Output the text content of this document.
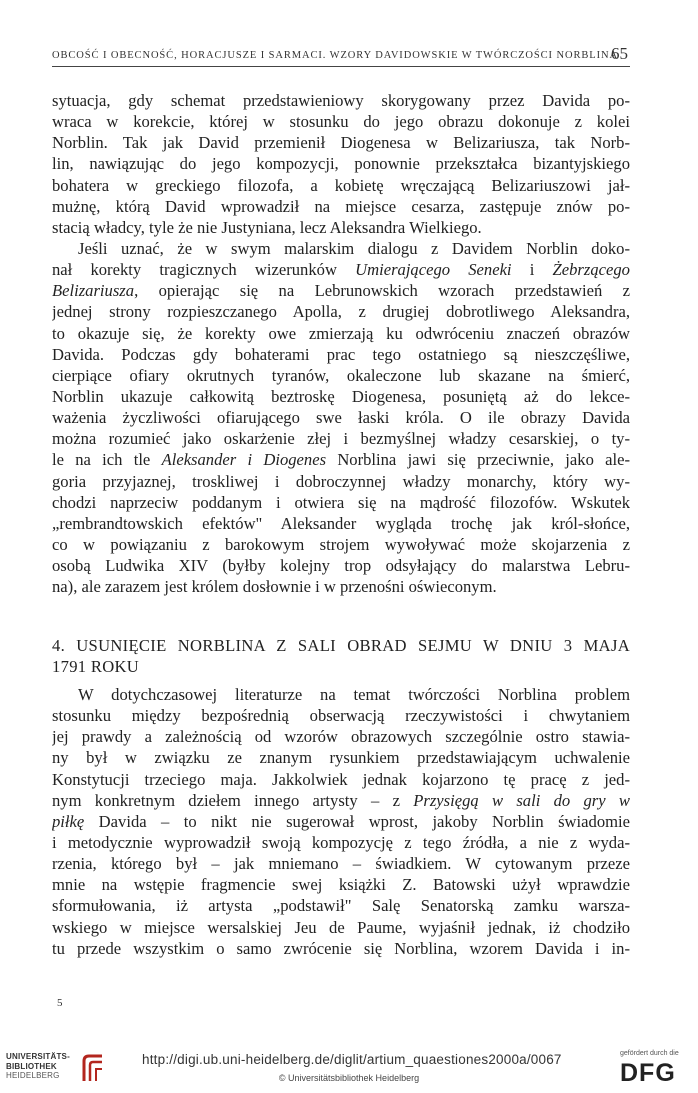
OBCOŚĆ I OBECNOŚĆ, HORACJUSZE I SARMACI. WZORY DAVIDOWSKIE W TWÓRCZOŚCI NORBLINA
65
sytuacja, gdy schemat przedstawieniowy skorygowany przez Davida po-
wraca w korekcie, której w stosunku do jego obrazu dokonuje z kolei
Norblin. Tak jak David przemienił Diogenesa w Belizariusza, tak Norb-
lin, nawiązując do jego kompozycji, ponownie przekształca bizantyjskiego
bohatera w greckiego filozofa, a kobietę wręczającą Belizariuszowi jał-
mużnę, którą David wprowadził na miejsce cesarza, zastępuje znów po-
stacią władcy, tyle że nie Justyniana, lecz Aleksandra Wielkiego.
Jeśli uznać, że w swym malarskim dialogu z Davidem Norblin doko-
nał korekty tragicznych wizerunków Umierającego Seneki i Żebrzącego
Belizariusza, opierając się na Lebrunowskich wzorach przedstawień z
jednej strony rozpieszczanego Apolla, z drugiej dobrotliwego Aleksandra,
to okazuje się, że korekty owe zmierzają ku odwróceniu znaczeń obrazów
Davida. Podczas gdy bohaterami prac tego ostatniego są nieszczęśliwe,
cierpiące ofiary okrutnych tyranów, okaleczone lub skazane na śmierć,
Norblin ukazuje całkowitą beztroskę Diogenesa, posuniętą aż do lekce-
ważenia życzliwości ofiarującego swe łaski króla. O ile obrazy Davida
można rozumieć jako oskarżenie złej i bezmyślnej władzy cesarskiej, o ty-
le na ich tle Aleksander i Diogenes Norblina jawi się przeciwnie, jako ale-
goria przyjaznej, troskliwej i dobroczynnej władzy monarchy, który wy-
chodzi naprzeciw poddanym i otwiera się na mądrość filozofów. Wskutek
„rembrandtowskich efektów" Aleksander wygląda trochę jak król-słońce,
co w powiązaniu z barokowym strojem wywoływać może skojarzenia z
osobą Ludwika XIV (byłby kolejny trop odsyłający do malarstwa Lebru-
na), ale zarazem jest królem dosłownie i w przenośni oświeconym.
4. USUNIĘCIE NORBLINA Z SALI OBRAD SEJMU W DNIU 3 MAJA
1791 ROKU
W dotychczasowej literaturze na temat twórczości Norblina problem
stosunku między bezpośrednią obserwacją rzeczywistości i chwytaniem
jej prawdy a zależnością od wzorów obrazowych szczególnie ostro stawia-
ny był w związku ze znanym rysunkiem przedstawiającym uchwalenie
Konstytucji trzeciego maja. Jakkolwiek jednak kojarzono tę pracę z jed-
nym konkretnym dziełem innego artysty – z Przysięgą w sali do gry w
piłkę Davida – to nikt nie sugerował wprost, jakoby Norblin świadomie
i metodycznie wyprowadził swoją kompozycję z tego źródła, a nie z wyda-
rzenia, którego był – jak mniemano – świadkiem. W cytowanym przeze
mnie na wstępie fragmencie swej książki Z. Batowski użył wprawdzie
sformułowania, iż artysta „podstawił" Salę Senatorską zamku warsza-
wskiego w miejsce wersalskiej Jeu de Paume, wyjaśnił jednak, iż chodziło
tu przede wszystkim o samo zwrócenie się Norblina, wzorem Davida i in-
5
UNIVERSITÄTS-
BIBLIOTHEK
HEIDELBERG
http://digi.ub.uni-heidelberg.de/diglit/artium_quaestiones2000a/0067
© Universitätsbibliothek Heidelberg
gefördert durch die
DFG
